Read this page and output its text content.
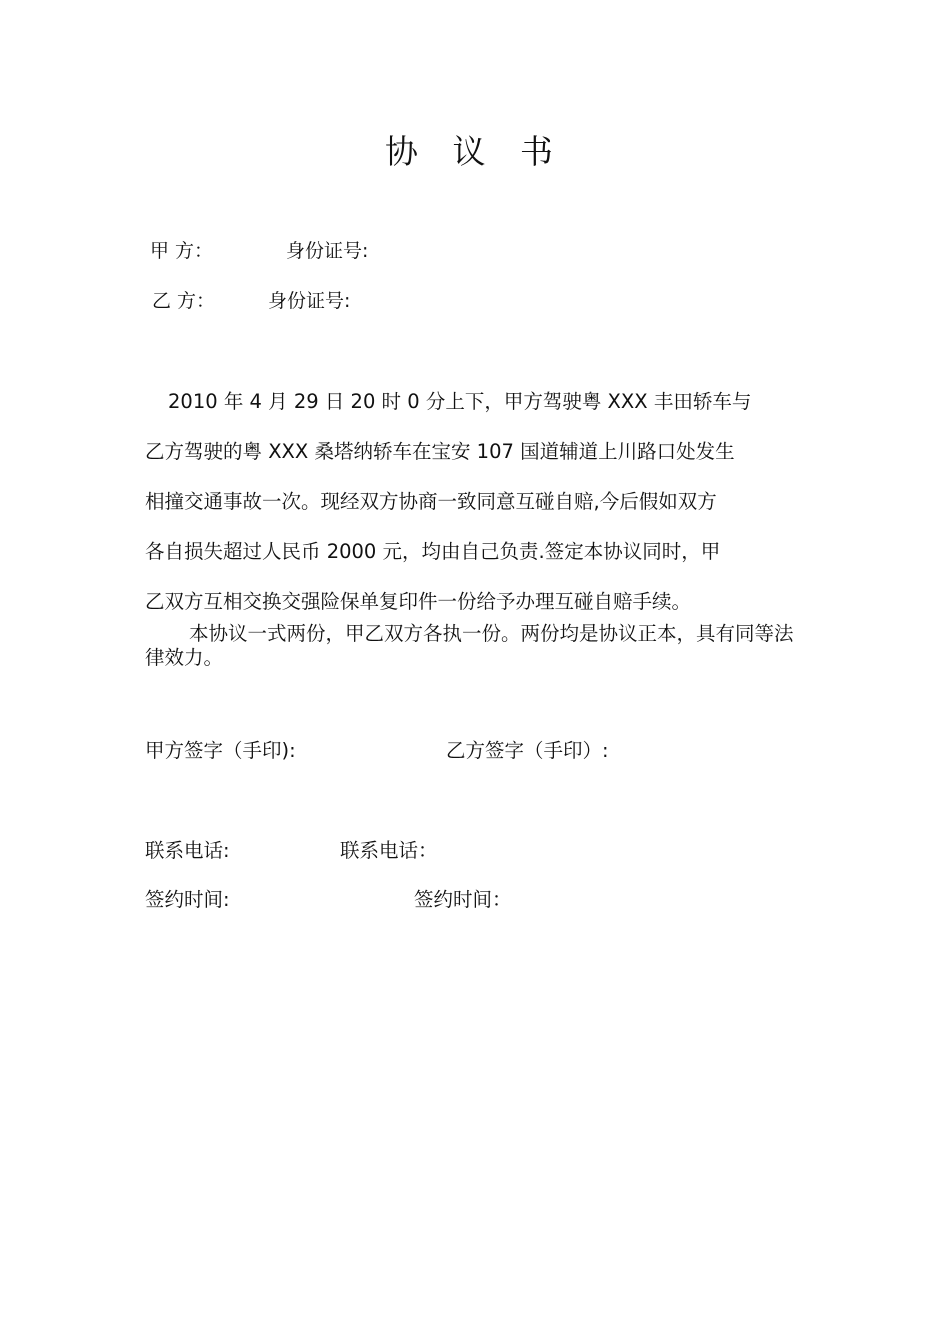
协 议 书
甲 方：	身份证号:
乙 方：	身份证号:
2010 年 4 月 29 日 20 时 0 分上下，甲方驾驶粤 XXX 丰田轿车与
乙方驾驶的粤 XXX 桑塔纳轿车在宝安 107 国道辅道上川路口处发生
相撞交通事故一次。现经双方协商一致同意互碰自赔,今后假如双方
各自损失超过人民币 2000 元，均由自己负责.签定本协议同时，甲
乙双方互相交换交强险保单复印件一份给予办理互碰自赔手续。

本协议一式两份，甲乙双方各执一份。两份均是协议正本，具有同等法律效力。

甲方签字（手印):	乙方签字（手印）:
联系电话:	联系电话：
签约时间:	签约时间：
